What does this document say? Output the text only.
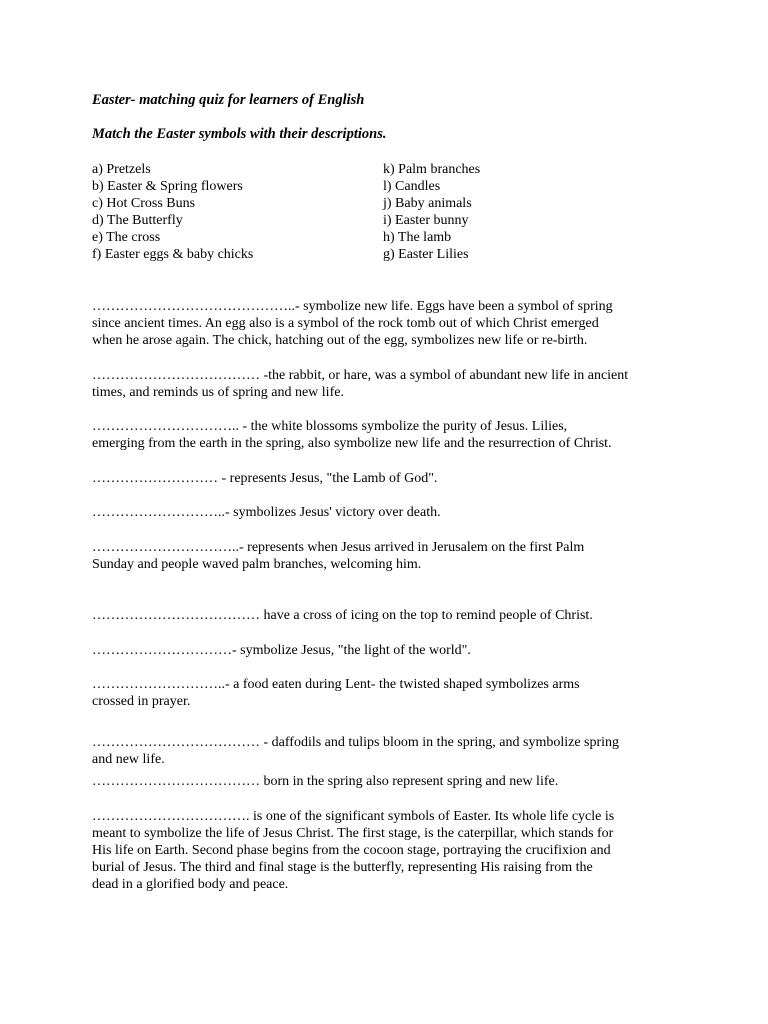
Easter- matching quiz for learners of English
Match the Easter symbols with their descriptions.
a) Pretzels
b) Easter & Spring flowers
c) Hot Cross Buns
d) The Butterfly
e) The cross
f) Easter eggs & baby chicks
k) Palm branches
l) Candles
j) Baby animals
i) Easter bunny
h) The lamb
g) Easter Lilies
……………………………………..- symbolize new life. Eggs have been a symbol of spring
since ancient times. An egg also is a symbol of the rock tomb out of which Christ emerged
when he arose again. The chick, hatching out of the egg, symbolizes new life or re-birth.
……………………………… -the rabbit, or hare, was a symbol of abundant new life in ancient
times, and reminds us of spring and new life.
………………………….. - the white blossoms symbolize the purity of Jesus. Lilies,
emerging from the earth in the spring, also symbolize new life and the resurrection of Christ.
……………………… - represents Jesus, "the Lamb of God".
………………………..- symbolizes Jesus' victory over death.
…………………………..- represents when Jesus arrived in Jerusalem on the first Palm
Sunday and people waved palm branches, welcoming him.
……………………………… have a cross of icing on the top to remind people of Christ.
…………………………- symbolize Jesus, "the light of the world".
………………………..- a food eaten during Lent- the twisted shaped symbolizes arms
crossed in prayer.
……………………………… - daffodils and tulips bloom in the spring, and symbolize spring
and new life.
……………………………… born in the spring also represent spring and new life.
……………………………. is one of the significant symbols of Easter. Its whole life cycle is
meant to symbolize the life of Jesus Christ. The first stage, is the caterpillar, which stands for
His life on Earth. Second phase begins from the cocoon stage, portraying the crucifixion and
burial of Jesus. The third and final stage is the butterfly, representing His raising from the
dead in a glorified body and peace.
